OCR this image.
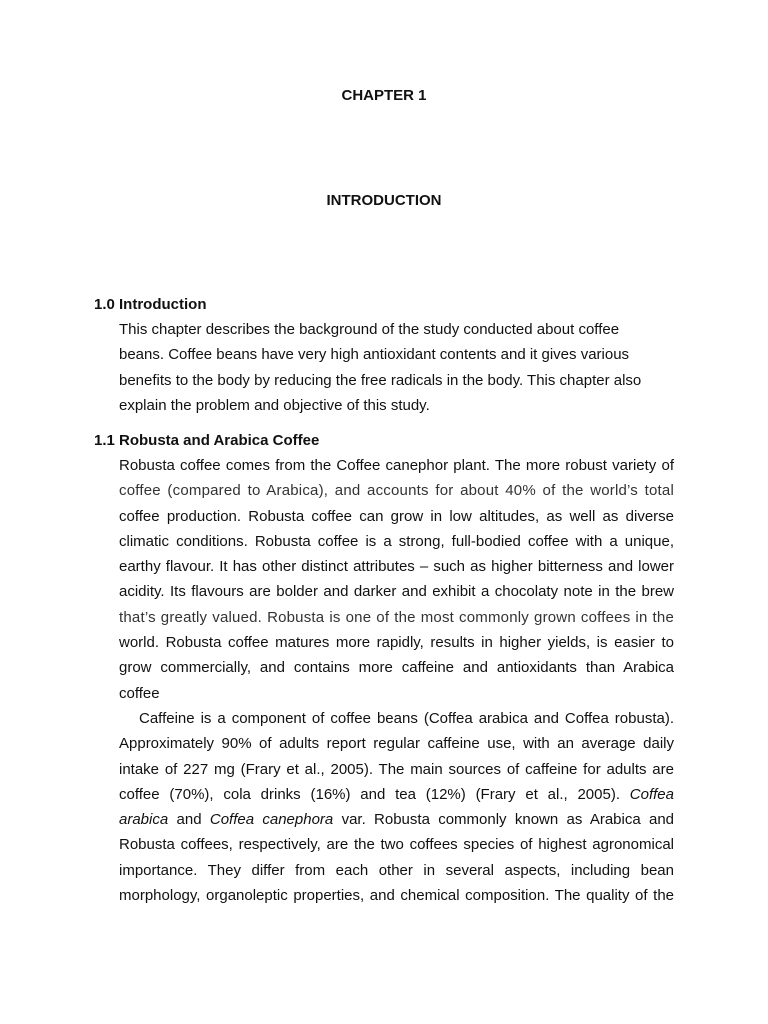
CHAPTER 1
INTRODUCTION
1.0 Introduction
This chapter describes the background of the study conducted about coffee
beans. Coffee beans have very high antioxidant contents and it gives various
benefits to the body by reducing the free radicals in the body. This chapter also
explain the problem and objective of this study.
1.1 Robusta and Arabica Coffee
Robusta coffee comes from the Coffee canephor plant. The more robust variety of
coffee (compared to Arabica), and accounts for about 40% of the world’s total
coffee production. Robusta coffee can grow in low altitudes, as well as diverse
climatic conditions. Robusta coffee is a strong, full-bodied coffee with a unique,
earthy flavour. It has other distinct attributes – such as higher bitterness and lower
acidity. Its flavours are bolder and darker and exhibit a chocolaty note in the brew
that’s greatly valued. Robusta is one of the most commonly grown coffees in the
world. Robusta coffee matures more rapidly, results in higher yields, is easier to
grow commercially, and contains more caffeine and antioxidants than Arabica
coffee
Caffeine is a component of coffee beans (Coffea arabica and Coffea robusta).
Approximately 90% of adults report regular caffeine use, with an average daily
intake of 227 mg (Frary et al., 2005). The main sources of caffeine for adults are
coffee (70%), cola drinks (16%) and tea (12%) (Frary et al., 2005). Coffea
arabica and Coffea canephora var. Robusta commonly known as Arabica and
Robusta coffees, respectively, are the two coffees species of highest agronomical
importance. They differ from each other in several aspects, including bean
morphology, organoleptic properties, and chemical composition. The quality of the
